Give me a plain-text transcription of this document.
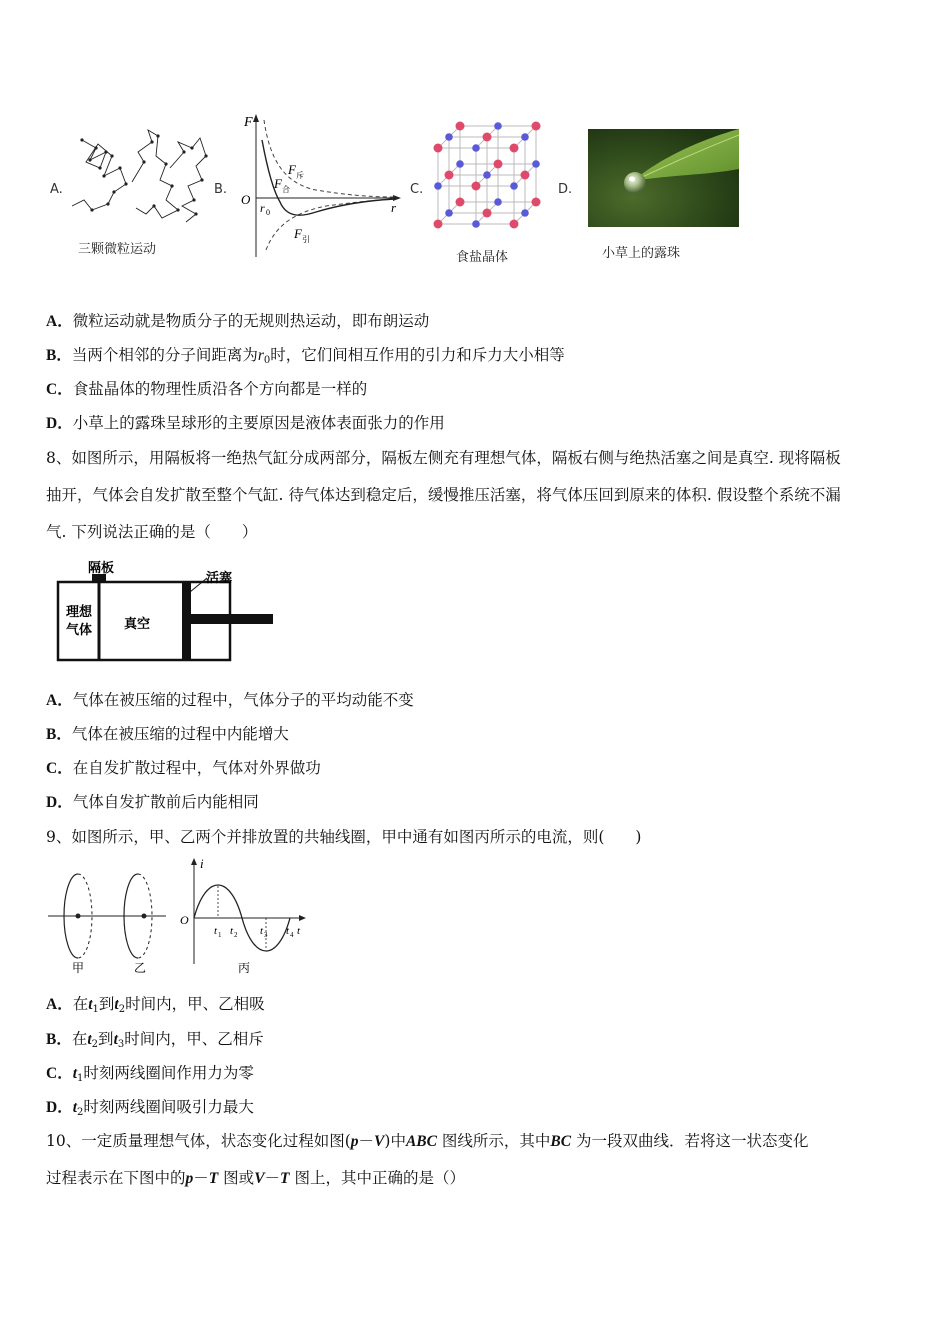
A.
三颗微粒运动
B.
F
F 斥
F 合
F 引
O
r 0	r
C.
食盐晶体
D.
小草上的露珠
A．微粒运动就是物质分子的无规则热运动，即布朗运动
B．当两个相邻的分子间距离为$r_0$时，它们间相互作用的引力和斥力大小相等
C．食盐晶体的物理性质沿各个方向都是一样的
D．小草上的露珠呈球形的主要原因是液体表面张力的作用
8、如图所示，用隔板将一绝热气缸分成两部分，隔板左侧充有理想气体，隔板右侧与绝热活塞之间是真空. 现将隔板
抽开，气体会自发扩散至整个气缸. 待气体达到稳定后，缓慢推压活塞，将气体压回到原来的体积. 假设整个系统不漏
气. 下列说法正确的是（　　）
隔板
活塞
理想
气体 真空
A．气体在被压缩的过程中，气体分子的平均动能不变
B．气体在被压缩的过程中内能增大
C．在自发扩散过程中，气体对外界做功
D．气体自发扩散前后内能相同
9、如图所示，甲、乙两个并排放置的共轴线圈，甲中通有如图丙所示的电流，则(　　)
甲	乙
i
O
t 1 t 2 t 3 t 4 t
丙
A．在$t_1$到$t_2$时间内，甲、乙相吸
B．在$t_2$到$t_3$时间内，甲、乙相斥
C．$t_1$时刻两线圈间作用力为零
D．$t_2$时刻两线圈间吸引力最大
10、一定质量理想气体，状态变化过程如图(p－V)中ABC 图线所示，其中BC 为一段双曲线．若将这一状态变化
过程表示在下图中的p－T 图或V－T 图上，其中正确的是（）
